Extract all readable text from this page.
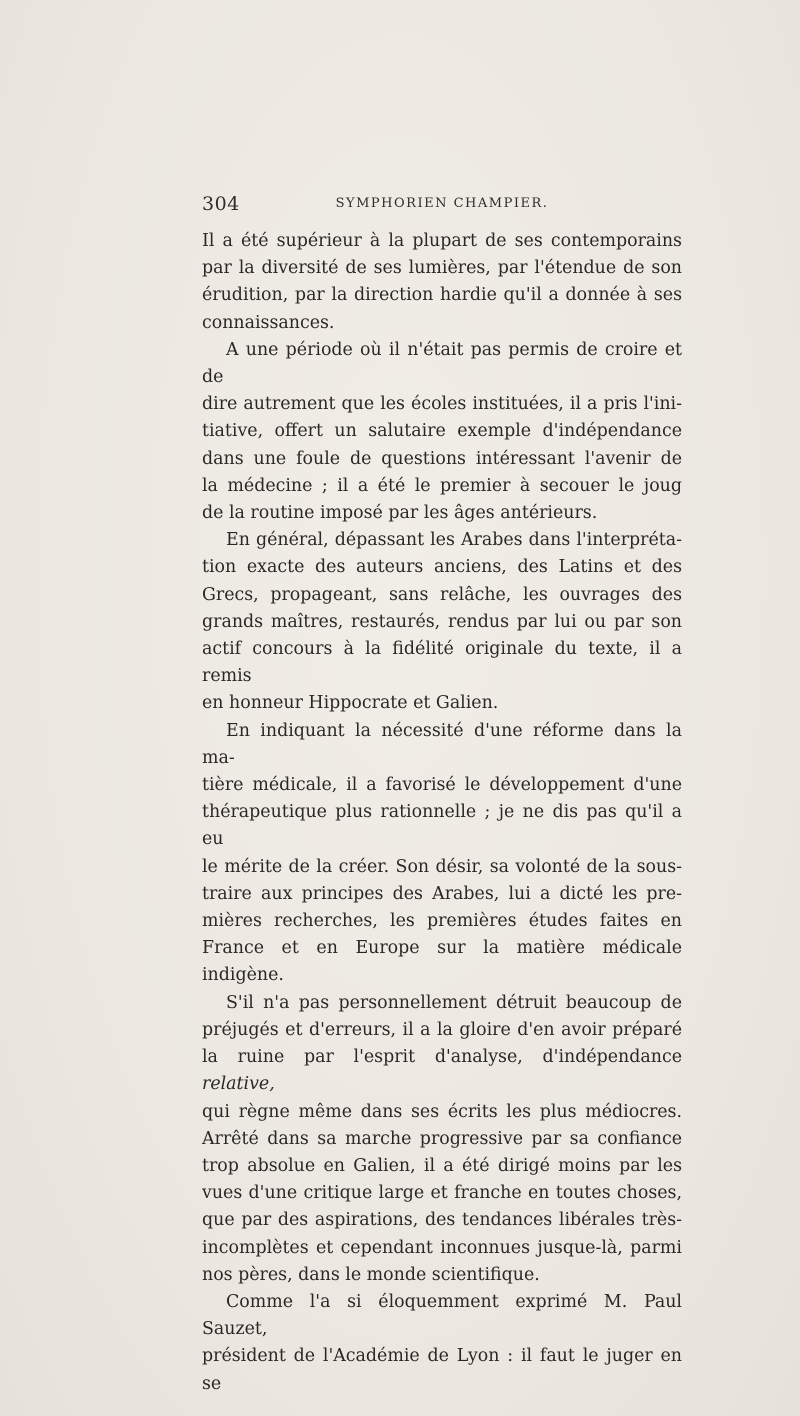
304	SYMPHORIEN CHAMPIER.
Il a été supérieur à la plupart de ses contemporains
par la diversité de ses lumières, par l'étendue de son
érudition, par la direction hardie qu'il a donnée à ses
connaissances.
A une période où il n'était pas permis de croire et de
dire autrement que les écoles instituées, il a pris l'ini-
tiative, offert un salutaire exemple d'indépendance
dans une foule de questions intéressant l'avenir de
la médecine ; il a été le premier à secouer le joug
de la routine imposé par les âges antérieurs.
En général, dépassant les Arabes dans l'interpréta-
tion exacte des auteurs anciens, des Latins et des
Grecs, propageant, sans relâche, les ouvrages des
grands maîtres, restaurés, rendus par lui ou par son
actif concours à la fidélité originale du texte, il a remis
en honneur Hippocrate et Galien.
En indiquant la nécessité d'une réforme dans la ma-
tière médicale, il a favorisé le développement d'une
thérapeutique plus rationnelle ; je ne dis pas qu'il a eu
le mérite de la créer. Son désir, sa volonté de la sous-
traire aux principes des Arabes, lui a dicté les pre-
mières recherches, les premières études faites en
France et en Europe sur la matière médicale indigène.
S'il n'a pas personnellement détruit beaucoup de
préjugés et d'erreurs, il a la gloire d'en avoir préparé
la ruine par l'esprit d'analyse, d'indépendance relative,
qui règne même dans ses écrits les plus médiocres.
Arrêté dans sa marche progressive par sa confiance
trop absolue en Galien, il a été dirigé moins par les
vues d'une critique large et franche en toutes choses,
que par des aspirations, des tendances libérales très-
incomplètes et cependant inconnues jusque-là, parmi
nos pères, dans le monde scientifique.
Comme l'a si éloquemment exprimé M. Paul Sauzet,
président de l'Académie de Lyon : il faut le juger en se
